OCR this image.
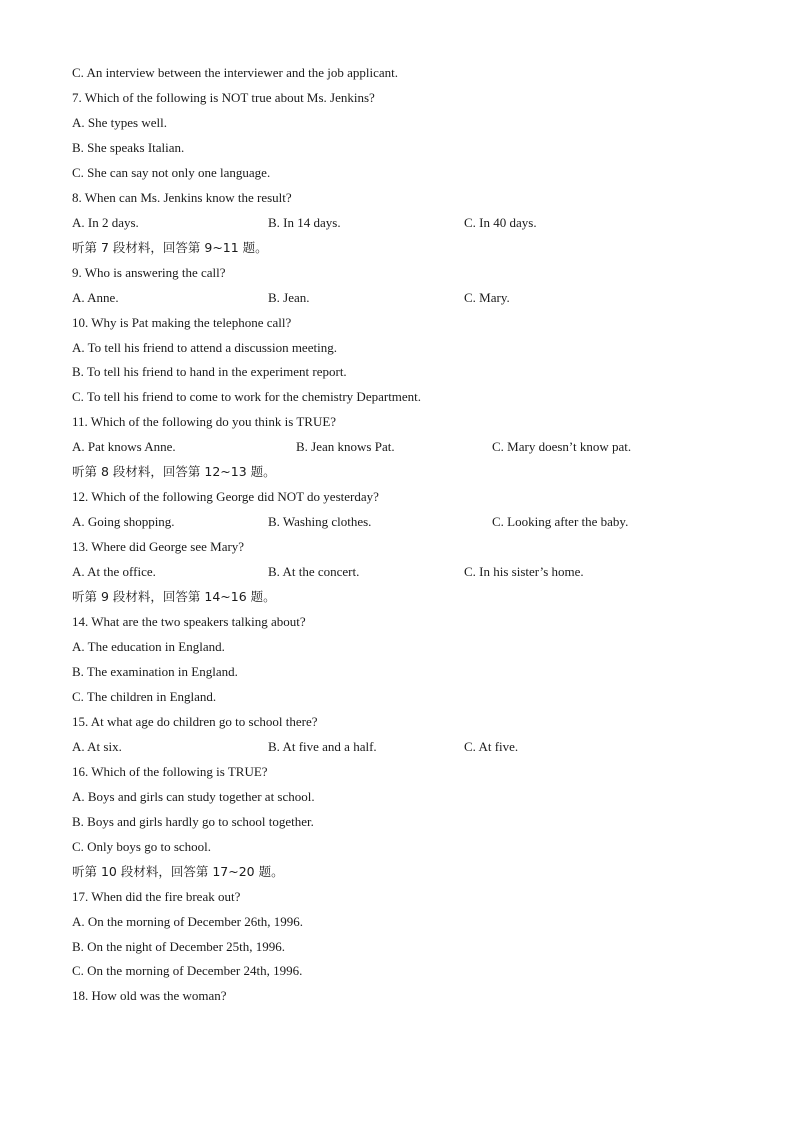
C. An interview between the interviewer and the job applicant.
7. Which of the following is NOT true about Ms. Jenkins?
A. She types well.
B. She speaks Italian.
C. She can say not only one language.
8. When can Ms. Jenkins know the result?
A. In 2 days.	B. In 14 days.	C. In 40 days.
听第 7 段材料，回答第 9~11 题。
9. Who is answering the call?
A. Anne.	B. Jean.	C. Mary.
10. Why is Pat making the telephone call?
A. To tell his friend to attend a discussion meeting.
B. To tell his friend to hand in the experiment report.
C. To tell his friend to come to work for the chemistry Department.
11. Which of the following do you think is TRUE?
A. Pat knows Anne.	B. Jean knows Pat.	C. Mary doesn’t know pat.
听第 8 段材料，回答第 12~13 题。
12. Which of the following George did NOT do yesterday?
A. Going shopping.	B. Washing clothes.	C. Looking after the baby.
13. Where did George see Mary?
A. At the office.	B. At the concert.	C. In his sister’s home.
听第 9 段材料，回答第 14~16 题。
14. What are the two speakers talking about?
A. The education in England.
B. The examination in England.
C. The children in England.
15. At what age do children go to school there?
A. At six.	B. At five and a half.	C. At five.
16. Which of the following is TRUE?
A. Boys and girls can study together at school.
B. Boys and girls hardly go to school together.
C. Only boys go to school.
听第 10 段材料，回答第 17~20 题。
17. When did the fire break out?
A. On the morning of December 26th, 1996.
B. On the night of December 25th, 1996.
C. On the morning of December 24th, 1996.
18. How old was the woman?
